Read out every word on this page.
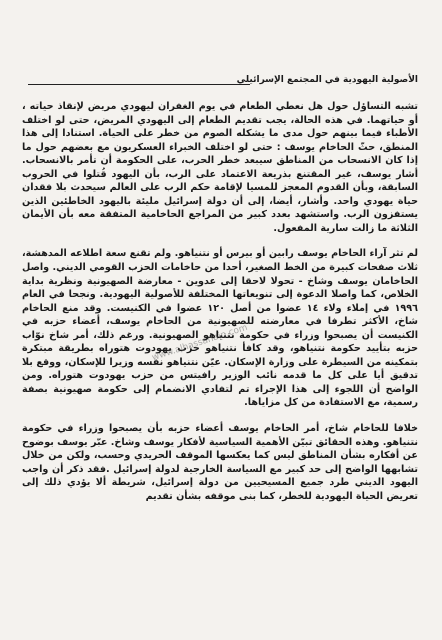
الأصولية اليهودية في المجتمع الإسرائيلي

تشبه التساؤل حول هل نعطي الطعام في يوم الغفران ليهودي مريض لإنقاذ حياته ، أو حياتهما. في هذه الحالة، يجب تقديم الطعام إلى اليهودي المريض، حتى لو اختلف الأطباء فيما بينهم حول مدى ما يشكله الصوم من خطر على الحياة. استنادا إلى هذا المنطق، حثّ الحاخام يوسف : حتى لو اختلف الخبراء العسكريون مع بعضهم حول ما إذا كان الانسحاب من المناطق سيبعد خطر الحرب، على الحكومة أن تأمر بالانسحاب. أشار يوسف، غير المقتنع بذريعة الاعتماد على الرب، بأن اليهود قُتلوا في الحروب السابقة، وبأن القدوم المعجز للمسيا لإقامة حكم الرب على العالم سيحدث بلا فقدان حياة يهودي واحد. وأشار، أيضا، إلى أن دولة إسرائيل مليئة باليهود الخاطئين الذين يستفزون الرب. واستشهد بعدد كبير من المراجع الحاخامية المتفقة معه بأن الأيمان الثلاثة ما زالت سارية المفعول.

لم تثر آراء الحاخام يوسف رابين أو بيرس أو نتنياهو. ولم تقنع سعة اطلاعه المدهشة، ثلاث صفحات كبيرة من الخط الصغير، أحدا من حاخامات الحزب القومي الديني. واصل الحاخامان يوسف وشاخ - تحولا لاحقا إلى عدوين - معارضة الصهيونية ونظرية بداية الخلاص، كما واصلا الدعوة إلى تنويعاتها المختلفة للأصولية اليهودية. ونجحا في العام ١٩٩٦ في إملاء ولاء ١٤ عضوا من أصل ١٢٠ عضوا في الكنيست. وقد منع الحاخام شاخ، الأكثر تطرفا في معارضته للصهيونية من الحاخام يوسف، أعضاء حزبه في الكنيست أن يصبحوا وزراء في حكومة نتنياهو الصهيونية. ورغم ذلك، أمر شاخ نوّاب حزبه بتأييد حكومة نتنياهو، وقد كافأ نتنياهو حزب يهودوت هتوراه بطريقة مبتكرة بتمكينه من السيطرة على وزارة الإسكان. عيّن نتنياهو نفسه وزيرا للإسكان، ووقع بلا تدقيق أيا على كل ما قدمه نائب الوزير رافيتس من حزب يهودوت هتوراه. ومن الواضح أن اللجوء إلى هذا الإجراء تم لتفادي الانضمام إلى حكومة صهيونية بصفة رسمية، مع الاستفادة من كل مزاياها.

خلافا للحاخام شاخ، أمر الحاخام يوسف أعضاء حزبه بأن يصبحوا وزراء في حكومة نتنياهو. وهذه الحقائق تبيّن الأهمية السياسية لأفكار يوسف وشاخ. عبّر يوسف بوضوح عن أفكاره بشأن المناطق ليس كما يعكسها الموقف الحريدي وحسب، ولكن من خلال تشابهها الواضح إلى حد كبير مع السياسة الخارجية لدولة إسرائيل .فقد ذكر أن واجب اليهود الديني طرد جميع المسيحيين من دولة إسرائيل، شريطة ألا يؤدي ذلك إلى تعريض الحياة اليهودية للخطر، كما بنى موقفه بشأن تقديم

www.alhassanain.com
